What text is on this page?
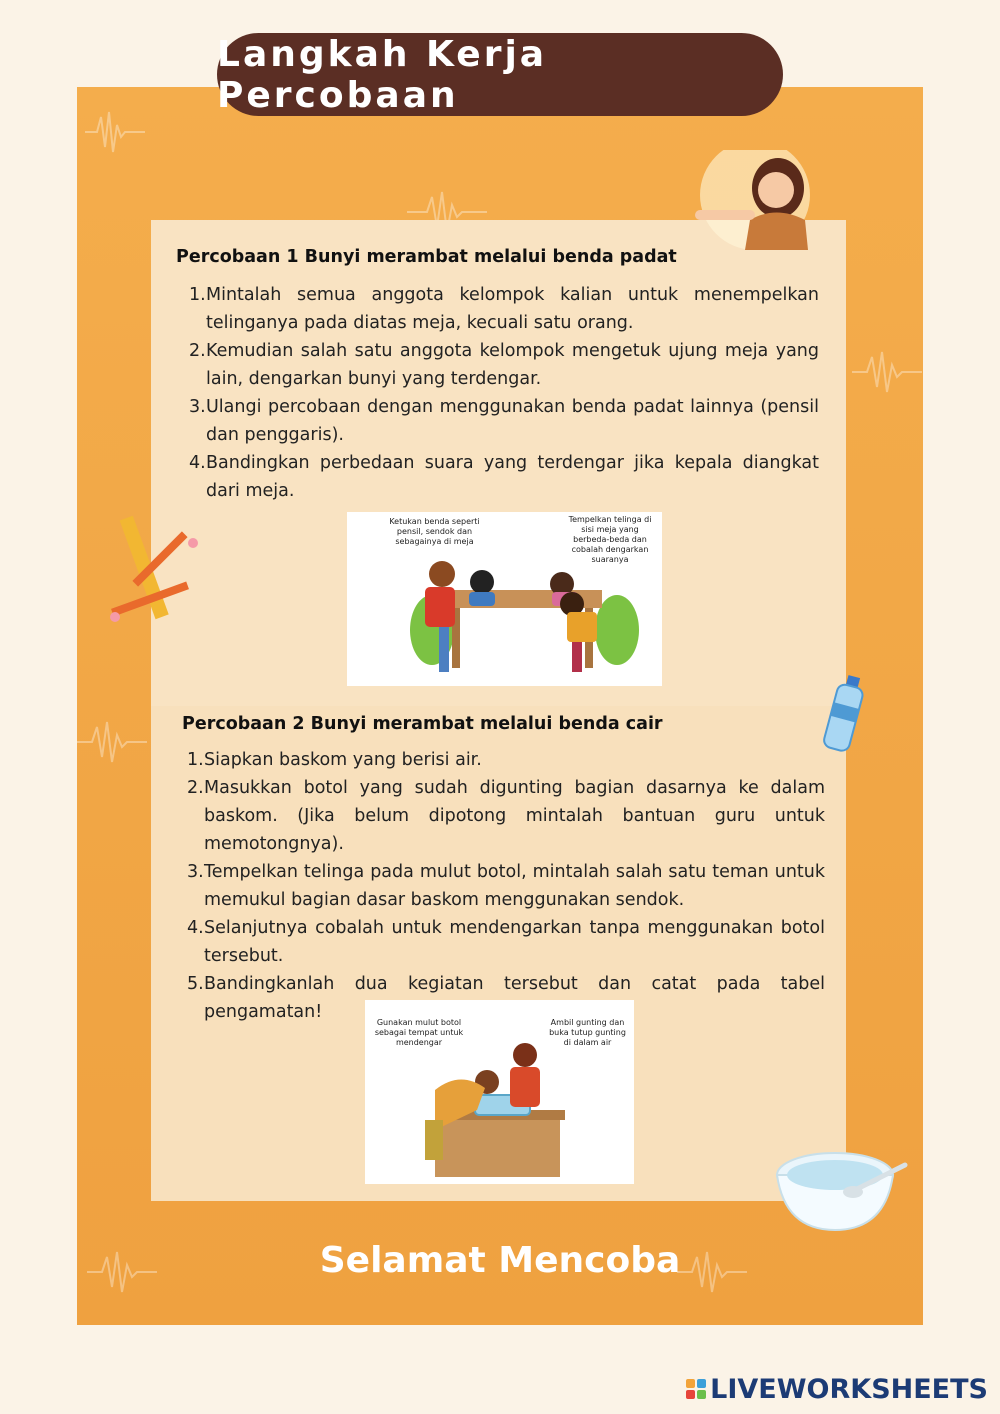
Langkah Kerja Percobaan
Percobaan 1 Bunyi merambat melalui benda padat
1. Mintalah semua anggota kelompok kalian untuk menempelkan telinganya pada diatas meja, kecuali satu orang.
2. Kemudian salah satu anggota kelompok mengetuk ujung meja yang lain, dengarkan bunyi yang terdengar.
3. Ulangi percobaan dengan menggunakan benda padat lainnya (pensil dan penggaris).
4. Bandingkan perbedaan suara yang terdengar jika kepala diangkat dari meja.
Ketukan benda seperti pensil, sendok dan sebagainya di meja
Tempelkan telinga di sisi meja yang berbeda-beda dan cobalah dengarkan suaranya
Percobaan 2 Bunyi merambat melalui benda cair
1. Siapkan baskom yang berisi air.
2. Masukkan botol yang sudah digunting bagian dasarnya ke dalam baskom. (Jika belum dipotong mintalah bantuan guru untuk memotongnya).
3. Tempelkan telinga pada mulut botol, mintalah salah satu teman untuk memukul bagian dasar baskom menggunakan sendok.
4. Selanjutnya cobalah untuk mendengarkan tanpa menggunakan botol tersebut.
5. Bandingkanlah dua kegiatan tersebut dan catat pada tabel pengamatan!
Gunakan mulut botol sebagai tempat untuk mendengar
Ambil gunting dan buka tutup gunting di dalam air
Selamat Mencoba
LIVEWORKSHEETS
